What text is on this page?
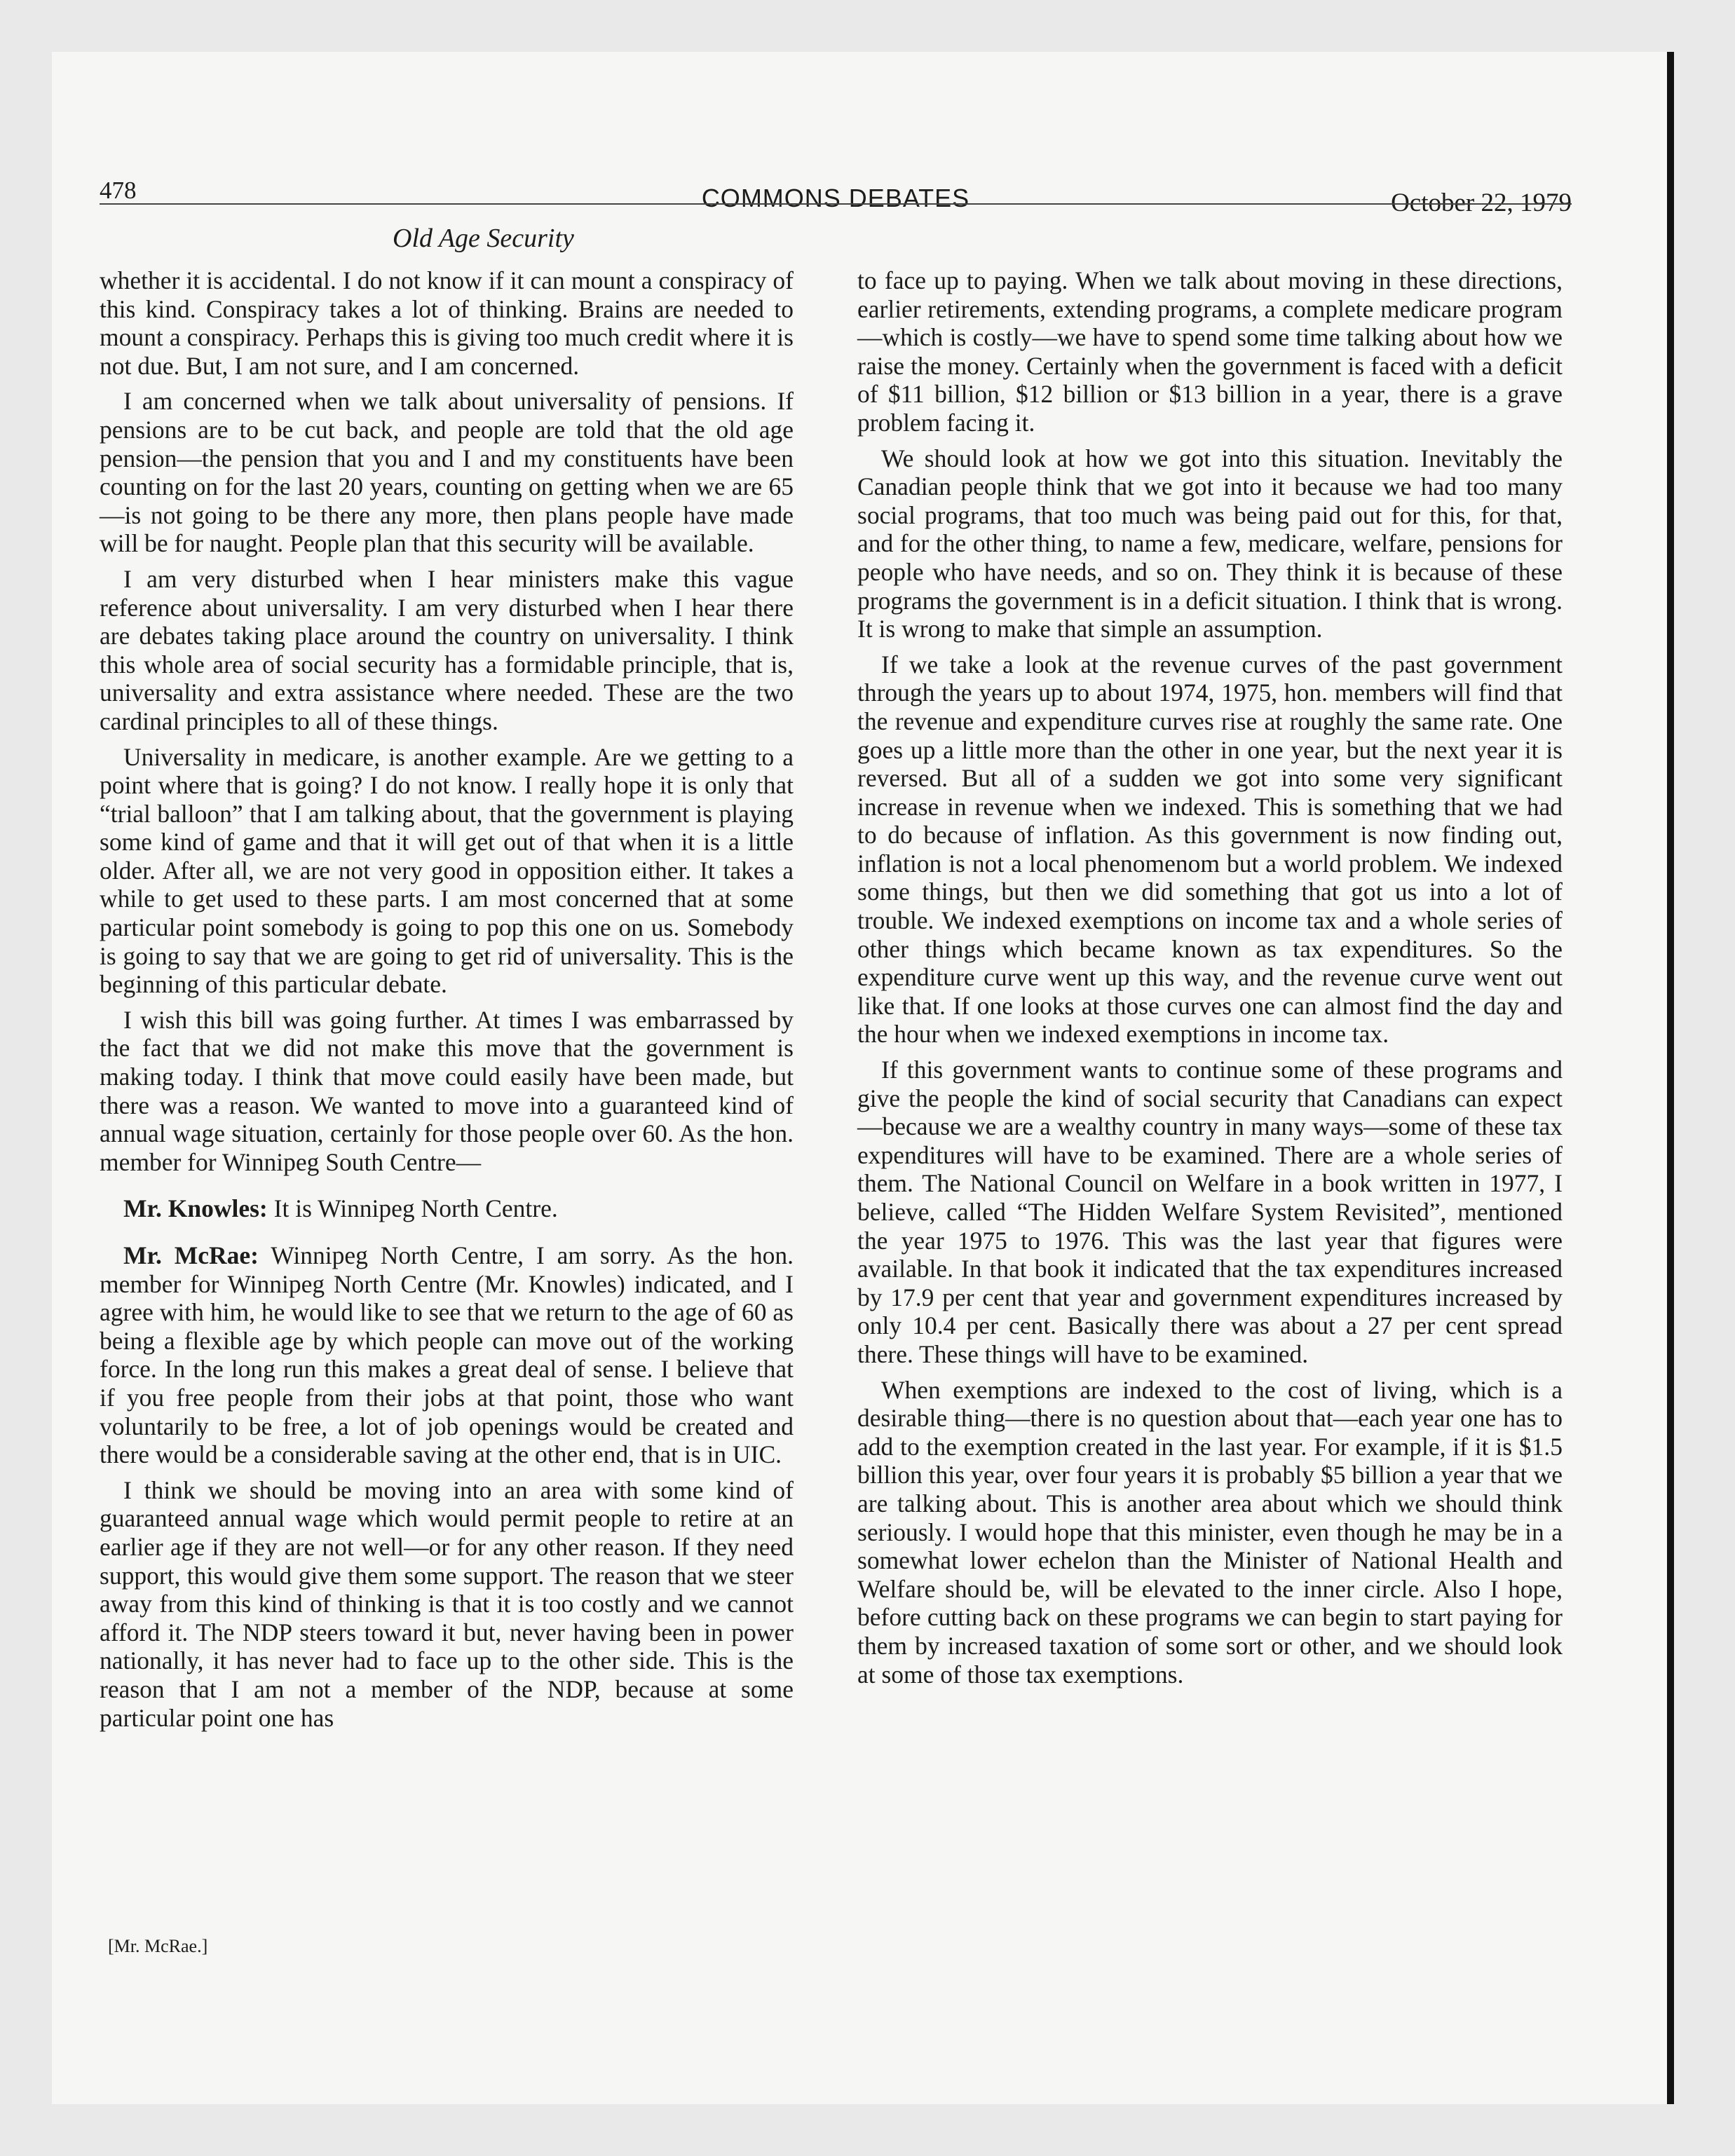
478	COMMONS DEBATES	October 22, 1979
Old Age Security

whether it is accidental. I do not know if it can mount a conspiracy of this kind. Conspiracy takes a lot of thinking. Brains are needed to mount a conspiracy. Perhaps this is giving too much credit where it is not due. But, I am not sure, and I am concerned.

I am concerned when we talk about universality of pensions. If pensions are to be cut back, and people are told that the old age pension—the pension that you and I and my constituents have been counting on for the last 20 years, counting on getting when we are 65—is not going to be there any more, then plans people have made will be for naught. People plan that this security will be available.

I am very disturbed when I hear ministers make this vague reference about universality. I am very disturbed when I hear there are debates taking place around the country on universality. I think this whole area of social security has a formidable principle, that is, universality and extra assistance where needed. These are the two cardinal principles to all of these things.

Universality in medicare, is another example. Are we getting to a point where that is going? I do not know. I really hope it is only that “trial balloon” that I am talking about, that the government is playing some kind of game and that it will get out of that when it is a little older. After all, we are not very good in opposition either. It takes a while to get used to these parts. I am most concerned that at some particular point somebody is going to pop this one on us. Somebody is going to say that we are going to get rid of universality. This is the beginning of this particular debate.

I wish this bill was going further. At times I was embarrassed by the fact that we did not make this move that the government is making today. I think that move could easily have been made, but there was a reason. We wanted to move into a guaranteed kind of annual wage situation, certainly for those people over 60. As the hon. member for Winnipeg South Centre—

Mr. Knowles: It is Winnipeg North Centre.

Mr. McRae: Winnipeg North Centre, I am sorry. As the hon. member for Winnipeg North Centre (Mr. Knowles) indicated, and I agree with him, he would like to see that we return to the age of 60 as being a flexible age by which people can move out of the working force. In the long run this makes a great deal of sense. I believe that if you free people from their jobs at that point, those who want voluntarily to be free, a lot of job openings would be created and there would be a considerable saving at the other end, that is in UIC.

I think we should be moving into an area with some kind of guaranteed annual wage which would permit people to retire at an earlier age if they are not well—or for any other reason. If they need support, this would give them some support. The reason that we steer away from this kind of thinking is that it is too costly and we cannot afford it. The NDP steers toward it but, never having been in power nationally, it has never had to face up to the other side. This is the reason that I am not a member of the NDP, because at some particular point one has

[Mr. McRae.]

to face up to paying. When we talk about moving in these directions, earlier retirements, extending programs, a complete medicare program—which is costly—we have to spend some time talking about how we raise the money. Certainly when the government is faced with a deficit of $11 billion, $12 billion or $13 billion in a year, there is a grave problem facing it.

We should look at how we got into this situation. Inevitably the Canadian people think that we got into it because we had too many social programs, that too much was being paid out for this, for that, and for the other thing, to name a few, medicare, welfare, pensions for people who have needs, and so on. They think it is because of these programs the government is in a deficit situation. I think that is wrong. It is wrong to make that simple an assumption.

If we take a look at the revenue curves of the past government through the years up to about 1974, 1975, hon. members will find that the revenue and expenditure curves rise at roughly the same rate. One goes up a little more than the other in one year, but the next year it is reversed. But all of a sudden we got into some very significant increase in revenue when we indexed. This is something that we had to do because of inflation. As this government is now finding out, inflation is not a local phenomenom but a world problem. We indexed some things, but then we did something that got us into a lot of trouble. We indexed exemptions on income tax and a whole series of other things which became known as tax expenditures. So the expenditure curve went up this way, and the revenue curve went out like that. If one looks at those curves one can almost find the day and the hour when we indexed exemptions in income tax.

If this government wants to continue some of these programs and give the people the kind of social security that Canadians can expect—because we are a wealthy country in many ways—some of these tax expenditures will have to be examined. There are a whole series of them. The National Council on Welfare in a book written in 1977, I believe, called “The Hidden Welfare System Revisited”, mentioned the year 1975 to 1976. This was the last year that figures were available. In that book it indicated that the tax expenditures increased by 17.9 per cent that year and government expenditures increased by only 10.4 per cent. Basically there was about a 27 per cent spread there. These things will have to be examined.

When exemptions are indexed to the cost of living, which is a desirable thing—there is no question about that—each year one has to add to the exemption created in the last year. For example, if it is $1.5 billion this year, over four years it is probably $5 billion a year that we are talking about. This is another area about which we should think seriously. I would hope that this minister, even though he may be in a somewhat lower echelon than the Minister of National Health and Welfare should be, will be elevated to the inner circle. Also I hope, before cutting back on these programs we can begin to start paying for them by increased taxation of some sort or other, and we should look at some of those tax exemptions.
